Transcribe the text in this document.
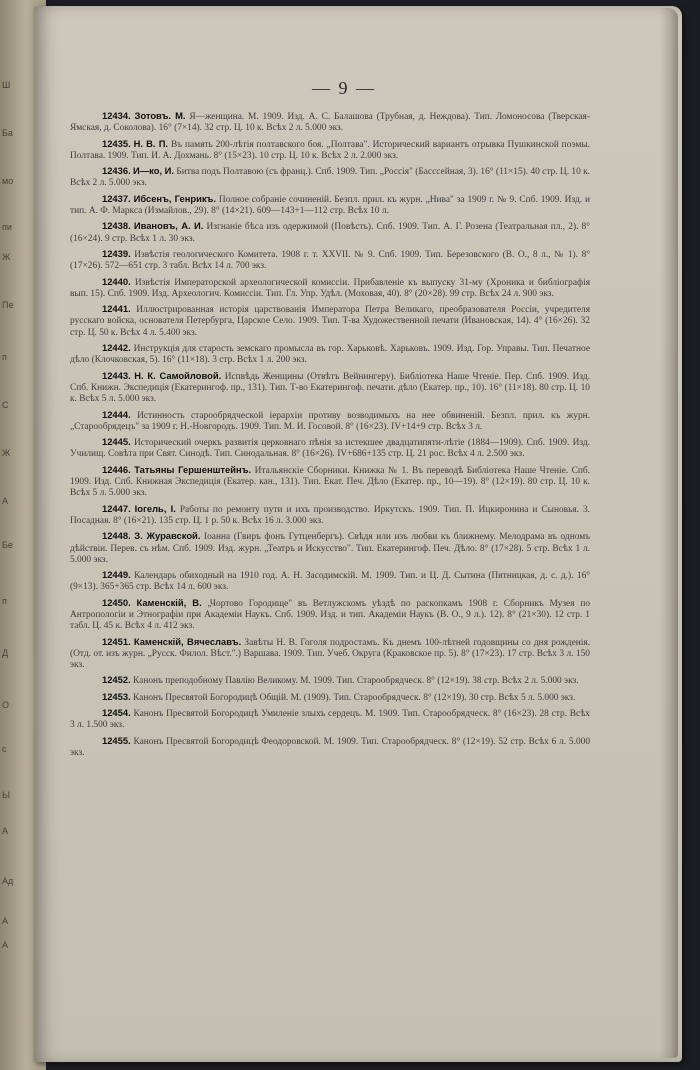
Ш
Ба
мо
пи
Ж
Пе
п
С
Ж
А
Бе
п
Д
О
с
Ы
А
Ад
А
А
— 9 —

12434. Зотовъ. М. Я—женщина. М. 1909. Изд. А. С. Балашова (Трубная, д. Неждова). Тип. Ломоносова (Тверская-Ямская, д. Соколова). 16° (7×14). 32 стр. Ц. 10 к. Всѣх 2 л. 5.000 экз.

12435. Н. В. П. Въ память 200-лѣтія полтавского боя. „Полтава". Исторический вариантъ отрывка Пушкинской поэмы. Полтава. 1909. Тип. И. А. Дохмань. 8° (15×23). 10 стр. Ц. 10 к. Всѣх 2 л. 2.000 экз.

12436. И—ко, И. Битва подъ Полтавою (съ франц.). Спб. 1909. Тип. „Россія" (Басссейная, 3). 16° (11×15). 40 стр. Ц. 10 к. Всѣх 2 л. 5.000 экз.

12437. Ибсенъ, Генрикъ. Полное собраніе сочиненій. Безпл. прил. къ журн. „Нива" за 1909 г. № 9. Спб. 1909. Изд. и тип. А. Ф. Маркса (Измайлов., 29). 8° (14×21). 609—143+1—112 стр. Всѣх 10 л.

12438. Ивановъ, А. И. Изгнаніе бѣса изъ одержимой (Повѣсть). Спб. 1909. Тип. А. Г. Розена (Театральная пл., 2). 8° (16×24). 9 стр. Всѣх 1 л. 30 экз.

12439. Извѣстія геологического Комитета. 1908 г. т. XXVII. № 9. Спб. 1909. Тип. Березовского (В. О., 8 л., № 1). 8° (17×26). 572—651 стр. 3 табл. Всѣх 14 л. 700 экз.

12440. Извѣстія Императорской археологической комиссіи. Прибавленіе къ выпуску 31-му (Хроника и библіографія вып. 15). Спб. 1909. Изд. Археологич. Комиссіи. Тип. Гл. Упр. Удѣл. (Моховая, 40). 8° (20×28). 99 стр. Всѣх 24 л. 900 экз.

12441. Иллюстрированная исторія царствованія Императора Петра Великаго, преобразователя Россіи, учредителя русскаго войска, основателя Петербурга, Царское Село. 1909. Тип. Т-ва Художественной печати (Ивановская, 14). 4° (16×26). 32 стр. Ц. 50 к. Всѣх 4 л. 5.400 экз.

12442. Инструкція для старость земскаго промысла въ гор. Харьковѣ. Харьковъ. 1909. Изд. Гор. Управы. Тип. Печатное дѣло (Клочковская, 5). 16° (11×18). 3 стр. Всѣх 1 л. 200 экз.

12443. Н. К. Самойловой. Испвѣдь Женщины (Отвѣтъ Вейнингеру). Библіотека Наше Чтеніе. Пер. Спб. 1909. Изд. Спб. Книжн. Экспедиція (Екатерингоф. пр., 131). Тип. Т-во Екатерингоф. печати. дѣло (Екатер. пр., 10). 16° (11×18). 80 стр. Ц. 10 к. Всѣх 5 л. 5.000 экз.

12444. Истинность старообрядческой іерархіи противу возводимыхъ на нее обвиненій. Безпл. прил. къ журн. „Старообрядецъ" за 1909 г. Н.-Новгородъ. 1909. Тип. М. И. Госовой. 8° (16×23). IV+14+9 стр. Всѣх 3 л.

12445. Исторический очеркъ развитія церковнаго пѣнія за истекшее двадцатипяти-лѣтіе (1884—1909). Спб. 1909. Изд. Училищ. Совѣта при Свят. Синодѣ. Тип. Синодальная. 8° (16×26). IV+686+135 стр. Ц. 21 рос. Всѣх 4 л. 2.500 экз.

12446. Татьяны Гершенштейнъ. Итальянскіе Сборники. Книжка № 1. Въ переводѣ Библіотека Наше Чтеніе. Спб. 1909. Изд. Спб. Книжная Экспедиція (Екатер. кан., 131). Тип. Екат. Печ. Дѣло (Екатер. пр., 10—19). 8° (12×19). 80 стр. Ц. 10 к. Всѣх 5 л. 5.000 экз.

12447. Іогель, І. Работы по ремонту пути и ихъ производство. Иркутскъ. 1909. Тип. П. Ицкиронина и Сыновья. 3. Посадная. 8° (16×21). 135 стр. Ц. 1 р. 50 к. Всѣх 16 л. 3.000 экз.

12448. З. Журавской. Іоанна (Гвиръ фонъ Гутценбергъ). Свѣдя или изъ любви къ ближнему. Мелодрама въ одномъ дѣйствіи. Перев. съ нѣм. Спб. 1909. Изд. журн. „Театръ и Искусство". Тип. Екатерингоф. Печ. Дѣло. 8° (17×28). 5 стр. Всѣх 1 л. 5.000 экз.

12449. Календарь обиходный на 1910 год. А. Н. Засодимскій. М. 1909. Тип. и Ц. Д. Сытина (Пятницкая, д. с. д.). 16° (9×13). 365+365 стр. Всѣх 14 л. 600 экз.

12450. Каменскій, В. „Чортово Городище" въ Ветлужскомъ уѣздѣ по раскопкамъ 1908 г. Сборникъ Музея по Антропологіи и Этнографіи при Академіи Наукъ. Спб. 1909. Изд. и тип. Академіи Наукъ (В. О., 9 л.). 12). 8° (21×30). 12 стр. 1 табл. Ц. 45 к. Всѣх 4 л. 412 экз.

12451. Каменскій, Вячеславъ. Завѣты Н. В. Гоголя подростамъ. Къ днемъ 100-лѣтней годовщины со дня рожденія. (Отд. от. изъ журн. „Русск. Филол. Вѣст.".) Варшава. 1909. Тип. Учеб. Округа (Краковское пр. 5). 8° (17×23). 17 стр. Всѣх 3 л. 150 экз.

12452. Канонъ преподобному Павлію Великому. М. 1909. Тип. Старообрядческ. 8° (12×19). 38 стр. Всѣх 2 л. 5.000 экз.

12453. Канонъ Пресвятой Богородицѣ Общій. М. (1909). Тип. Старообрядческ. 8° (12×19). 30 стр. Всѣх 5 л. 5.000 экз.

12454. Канонъ Пресвятой Богородицѣ Умиленіе злыхъ сердецъ. М. 1909. Тип. Старообрядческ. 8° (16×23). 28 стр. Всѣх 3 л. 1.500 экз.

12455. Канонъ Пресвятой Богородицѣ Феодоровской. М. 1909. Тип. Старообрядческ. 8° (12×19). 52 стр. Всѣх 6 л. 5.000 экз.
